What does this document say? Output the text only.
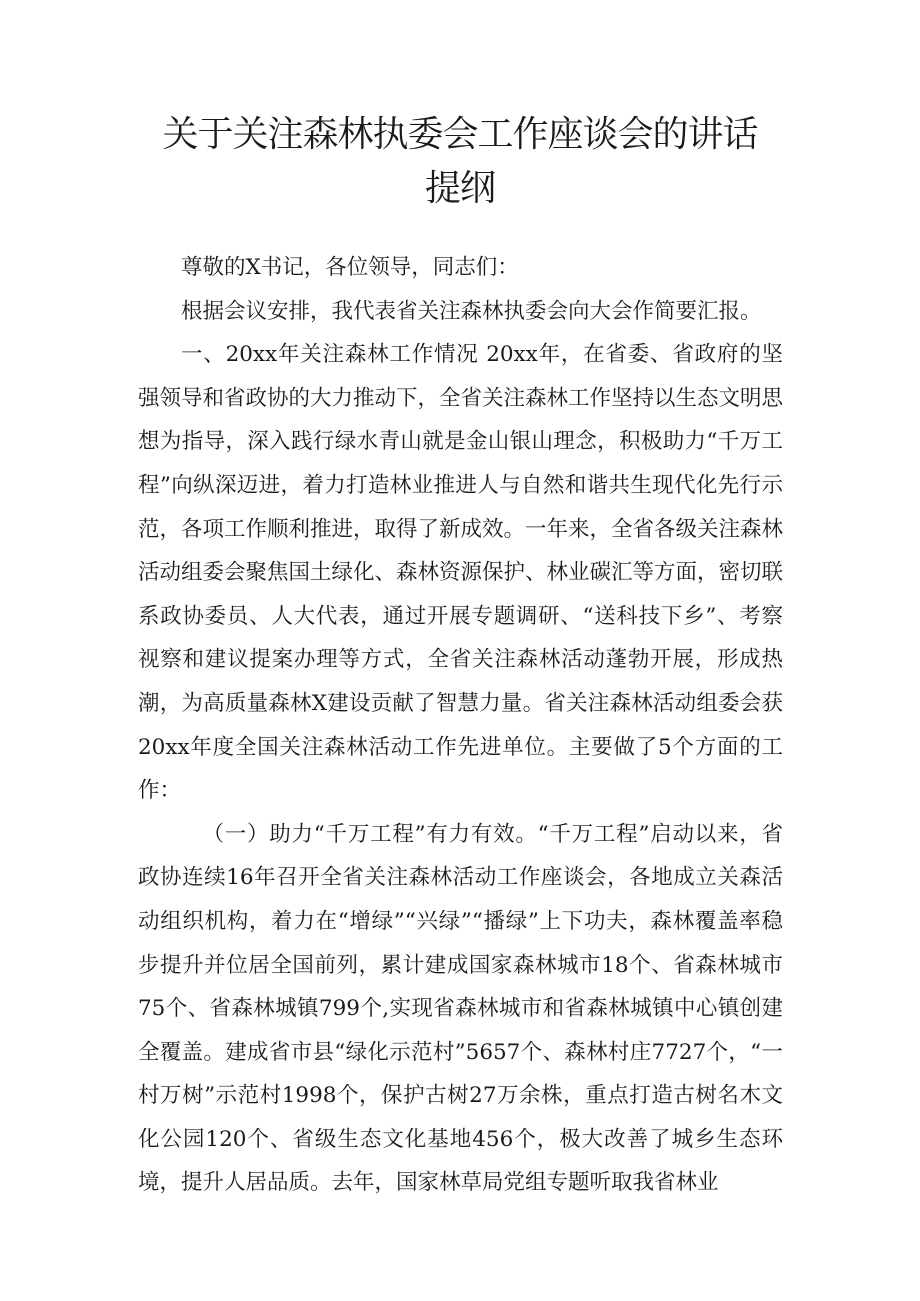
关于关注森林执委会工作座谈会的讲话提纲

尊敬的X书记，各位领导，同志们：

根据会议安排，我代表省关注森林执委会向大会作简要汇报。

一、20xx年关注森林工作情况 20xx年，在省委、省政府的坚强领导和省政协的大力推动下，全省关注森林工作坚持以生态文明思想为指导，深入践行绿水青山就是金山银山理念，积极助力“千万工程”向纵深迈进，着力打造林业推进人与自然和谐共生现代化先行示范，各项工作顺利推进，取得了新成效。一年来，全省各级关注森林活动组委会聚焦国土绿化、森林资源保护、林业碳汇等方面，密切联系政协委员、人大代表，通过开展专题调研、“送科技下乡”、考察视察和建议提案办理等方式，全省关注森林活动蓬勃开展，形成热潮，为高质量森林X建设贡献了智慧力量。省关注森林活动组委会获20xx年度全国关注森林活动工作先进单位。主要做了5个方面的工作：

（一）助力“千万工程”有力有效。“千万工程”启动以来，省政协连续16年召开全省关注森林活动工作座谈会，各地成立关森活动组织机构，着力在“增绿”“兴绿”“播绿”上下功夫，森林覆盖率稳步提升并位居全国前列，累计建成国家森林城市18个、省森林城市75个、省森林城镇799个,实现省森林城市和省森林城镇中心镇创建全覆盖。建成省市县“绿化示范村”5657个、森林村庄7727个，“一村万树”示范村1998个，保护古树27万余株，重点打造古树名木文化公园120个、省级生态文化基地456个，极大改善了城乡生态环境，提升人居品质。去年，国家林草局党组专题听取我省林业
